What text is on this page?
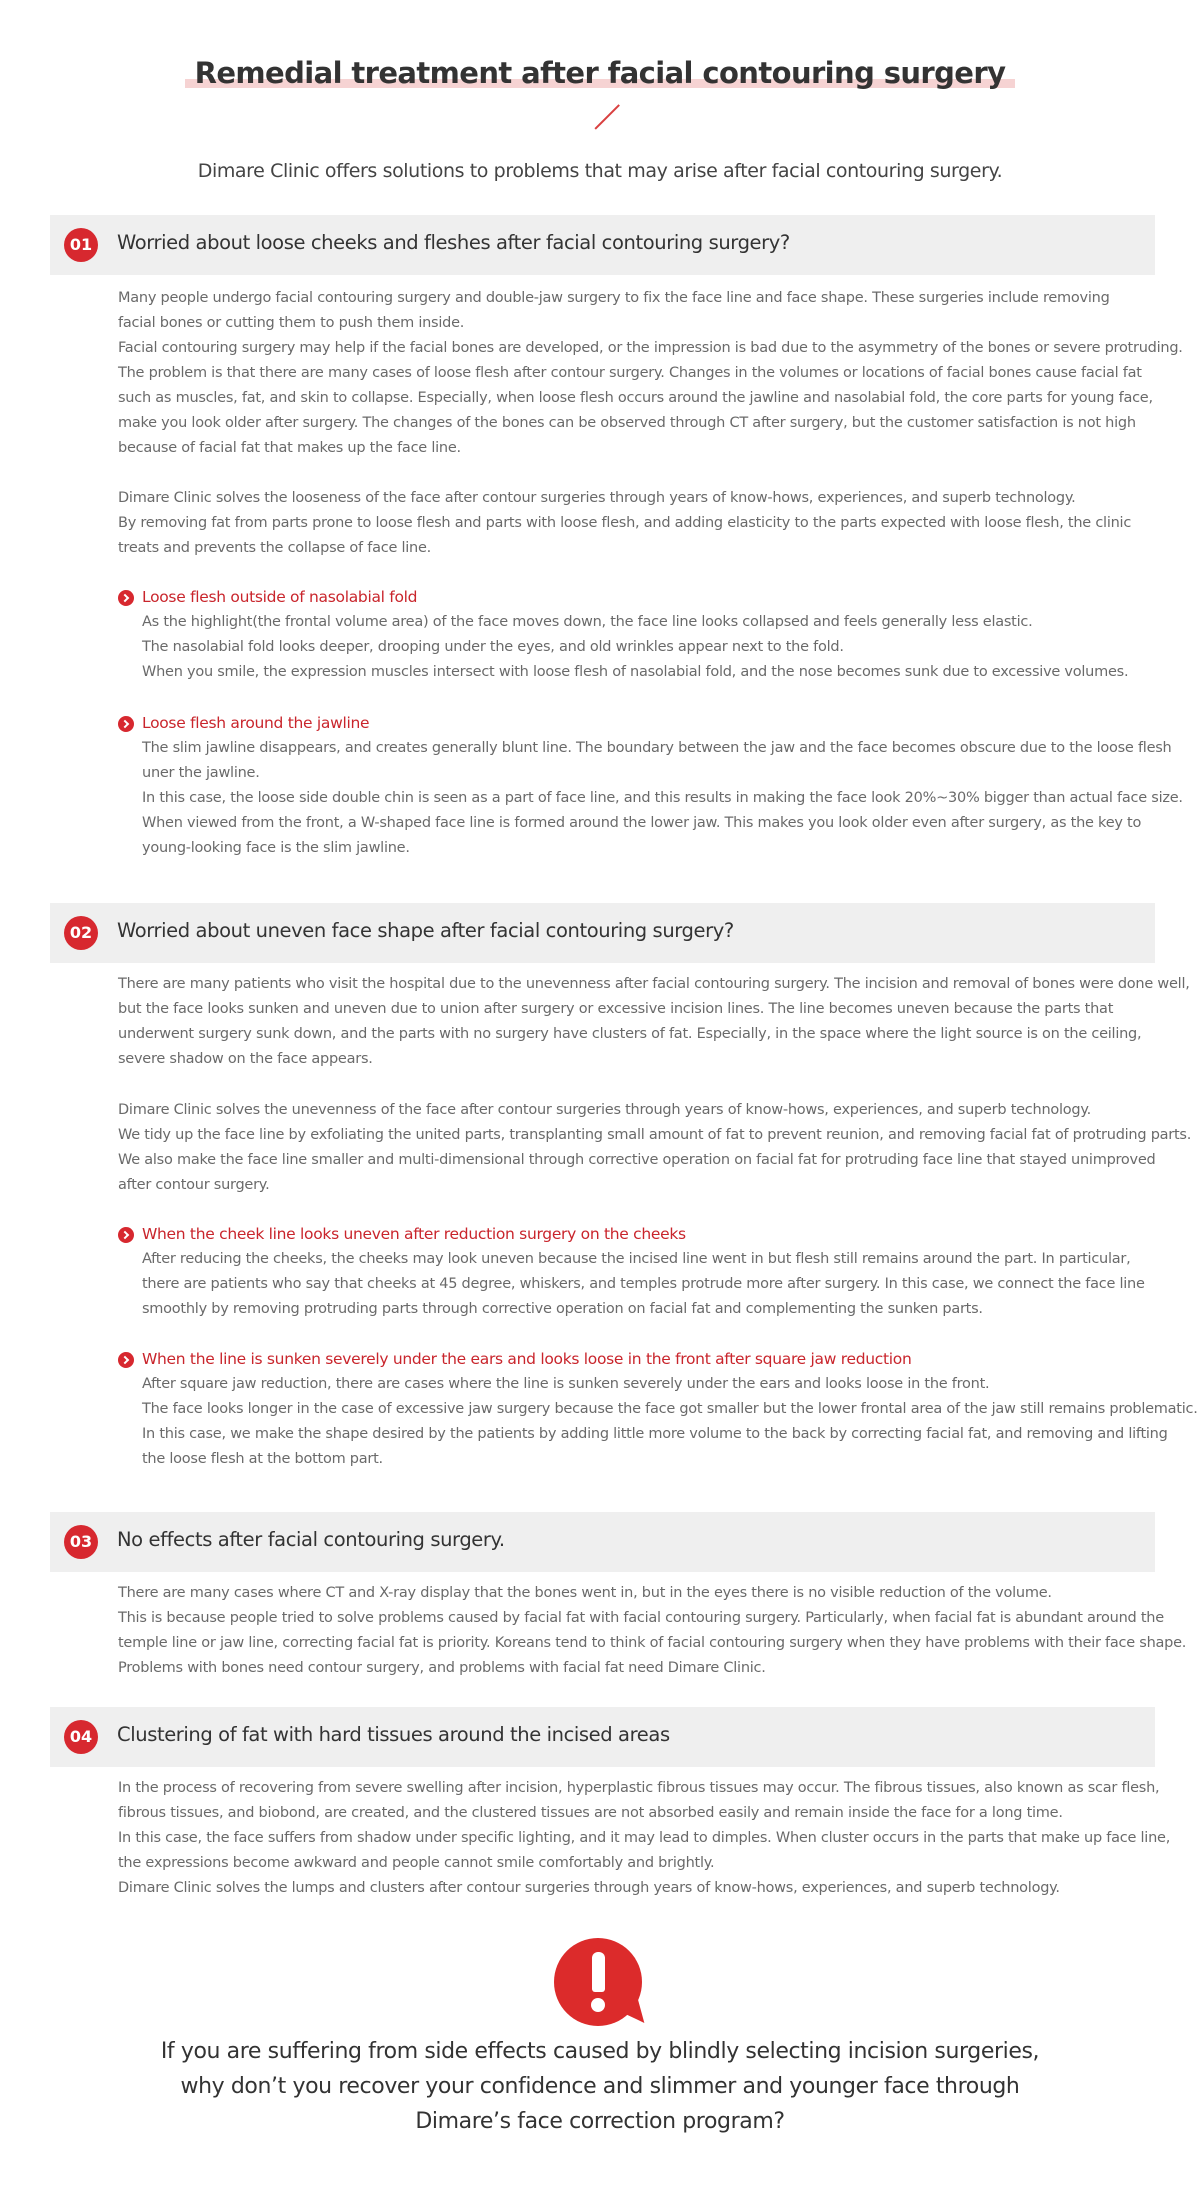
Remedial treatment after facial contouring surgery
Dimare Clinic offers solutions to problems that may arise after facial contouring surgery.
01	Worried about loose cheeks and fleshes after facial contouring surgery?
Many people undergo facial contouring surgery and double-jaw surgery to fix the face line and face shape. These surgeries include removing
facial bones or cutting them to push them inside.
Facial contouring surgery may help if the facial bones are developed, or the impression is bad due to the asymmetry of the bones or severe protruding.
The problem is that there are many cases of loose flesh after contour surgery. Changes in the volumes or locations of facial bones cause facial fat
such as muscles, fat, and skin to collapse. Especially, when loose flesh occurs around the jawline and nasolabial fold, the core parts for young face,
make you look older after surgery. The changes of the bones can be observed through CT after surgery, but the customer satisfaction is not high
because of facial fat that makes up the face line.
Dimare Clinic solves the looseness of the face after contour surgeries through years of know-hows, experiences, and superb technology.
By removing fat from parts prone to loose flesh and parts with loose flesh, and adding elasticity to the parts expected with loose flesh, the clinic
treats and prevents the collapse of face line.
Loose flesh outside of nasolabial fold
As the highlight(the frontal volume area) of the face moves down, the face line looks collapsed and feels generally less elastic.
The nasolabial fold looks deeper, drooping under the eyes, and old wrinkles appear next to the fold.
When you smile, the expression muscles intersect with loose flesh of nasolabial fold, and the nose becomes sunk due to excessive volumes.
Loose flesh around the jawline
The slim jawline disappears, and creates generally blunt line. The boundary between the jaw and the face becomes obscure due to the loose flesh
uner the jawline.
In this case, the loose side double chin is seen as a part of face line, and this results in making the face look 20%~30% bigger than actual face size.
When viewed from the front, a W-shaped face line is formed around the lower jaw. This makes you look older even after surgery, as the key to
young-looking face is the slim jawline.
02	Worried about uneven face shape after facial contouring surgery?
There are many patients who visit the hospital due to the unevenness after facial contouring surgery. The incision and removal of bones were done well,
but the face looks sunken and uneven due to union after surgery or excessive incision lines. The line becomes uneven because the parts that
underwent surgery sunk down, and the parts with no surgery have clusters of fat. Especially, in the space where the light source is on the ceiling,
severe shadow on the face appears.
Dimare Clinic solves the unevenness of the face after contour surgeries through years of know-hows, experiences, and superb technology.
We tidy up the face line by exfoliating the united parts, transplanting small amount of fat to prevent reunion, and removing facial fat of protruding parts.
We also make the face line smaller and multi-dimensional through corrective operation on facial fat for protruding face line that stayed unimproved
after contour surgery.
When the cheek line looks uneven after reduction surgery on the cheeks
After reducing the cheeks, the cheeks may look uneven because the incised line went in but flesh still remains around the part. In particular,
there are patients who say that cheeks at 45 degree, whiskers, and temples protrude more after surgery. In this case, we connect the face line
smoothly by removing protruding parts through corrective operation on facial fat and complementing the sunken parts.
When the line is sunken severely under the ears and looks loose in the front after square jaw reduction
After square jaw reduction, there are cases where the line is sunken severely under the ears and looks loose in the front.
The face looks longer in the case of excessive jaw surgery because the face got smaller but the lower frontal area of the jaw still remains problematic.
In this case, we make the shape desired by the patients by adding little more volume to the back by correcting facial fat, and removing and lifting
the loose flesh at the bottom part.
03	No effects after facial contouring surgery.
There are many cases where CT and X-ray display that the bones went in, but in the eyes there is no visible reduction of the volume.
This is because people tried to solve problems caused by facial fat with facial contouring surgery. Particularly, when facial fat is abundant around the
temple line or jaw line, correcting facial fat is priority. Koreans tend to think of facial contouring surgery when they have problems with their face shape.
Problems with bones need contour surgery, and problems with facial fat need Dimare Clinic.
04	Clustering of fat with hard tissues around the incised areas
In the process of recovering from severe swelling after incision, hyperplastic fibrous tissues may occur. The fibrous tissues, also known as scar flesh,
fibrous tissues, and biobond, are created, and the clustered tissues are not absorbed easily and remain inside the face for a long time.
In this case, the face suffers from shadow under specific lighting, and it may lead to dimples. When cluster occurs in the parts that make up face line,
the expressions become awkward and people cannot smile comfortably and brightly.
Dimare Clinic solves the lumps and clusters after contour surgeries through years of know-hows, experiences, and superb technology.
If you are suffering from side effects caused by blindly selecting incision surgeries,
why don’t you recover your confidence and slimmer and younger face through
Dimare’s face correction program?
